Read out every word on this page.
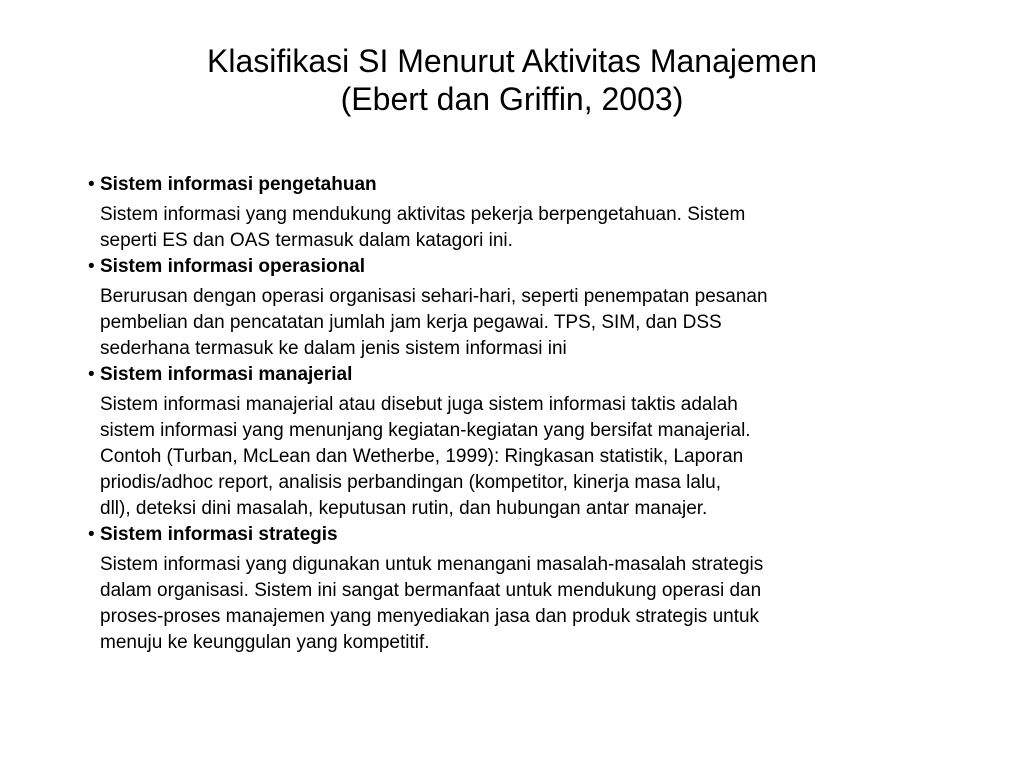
Klasifikasi SI Menurut Aktivitas Manajemen
(Ebert dan Griffin, 2003)
• Sistem informasi pengetahuan
Sistem informasi yang mendukung aktivitas pekerja berpengetahuan. Sistem
seperti ES dan OAS termasuk dalam katagori ini.
• Sistem informasi operasional
Berurusan dengan operasi organisasi sehari-hari, seperti penempatan pesanan
pembelian dan pencatatan jumlah jam kerja pegawai. TPS, SIM, dan DSS
sederhana termasuk ke dalam jenis sistem informasi ini
• Sistem informasi manajerial
Sistem informasi manajerial atau disebut juga sistem informasi taktis adalah
sistem informasi yang menunjang kegiatan-kegiatan yang bersifat manajerial.
Contoh (Turban, McLean dan Wetherbe, 1999): Ringkasan statistik, Laporan
priodis/adhoc report, analisis perbandingan (kompetitor, kinerja masa lalu,
dll), deteksi dini masalah, keputusan rutin, dan hubungan antar manajer.
• Sistem informasi strategis
Sistem informasi yang digunakan untuk menangani masalah-masalah strategis
dalam organisasi. Sistem ini sangat bermanfaat untuk mendukung operasi dan
proses-proses manajemen yang menyediakan jasa dan produk strategis untuk
menuju ke keunggulan yang kompetitif.
